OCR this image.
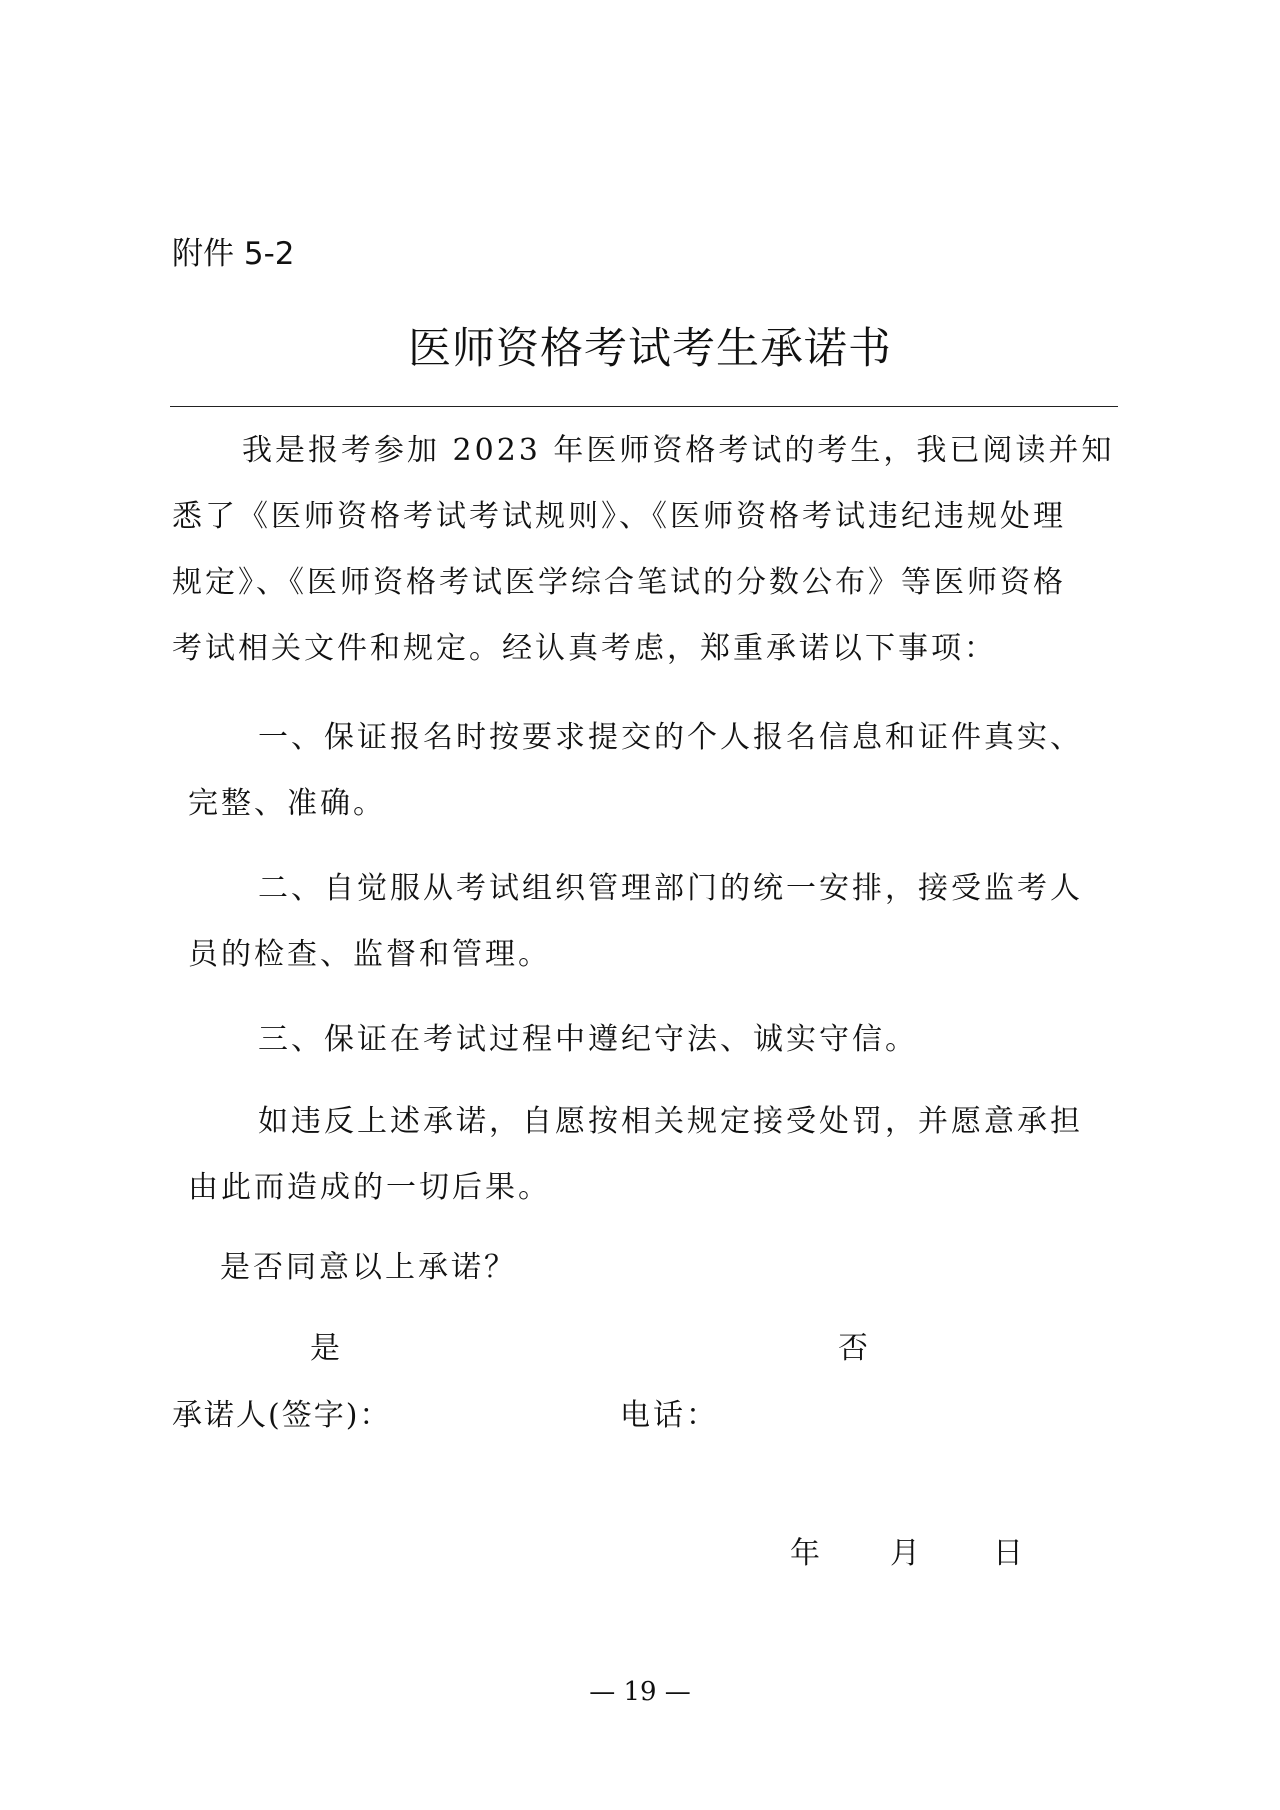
附件 5-2
医师资格考试考生承诺书
我是报考参加 2023 年医师资格考试的考生，我已阅读并知
悉了《医师资格考试考试规则》、《医师资格考试违纪违规处理
规定》、《医师资格考试医学综合笔试的分数公布》等医师资格
考试相关文件和规定。经认真考虑，郑重承诺以下事项：
一、保证报名时按要求提交的个人报名信息和证件真实、
完整、准确。
二、自觉服从考试组织管理部门的统一安排，接受监考人
员的检查、监督和管理。
三、保证在考试过程中遵纪守法、诚实守信。
如违反上述承诺，自愿按相关规定接受处罚，并愿意承担
由此而造成的一切后果。
是否同意以上承诺？
是	否
承诺人(签字)：	电话：
年 月 日
— 19 —
